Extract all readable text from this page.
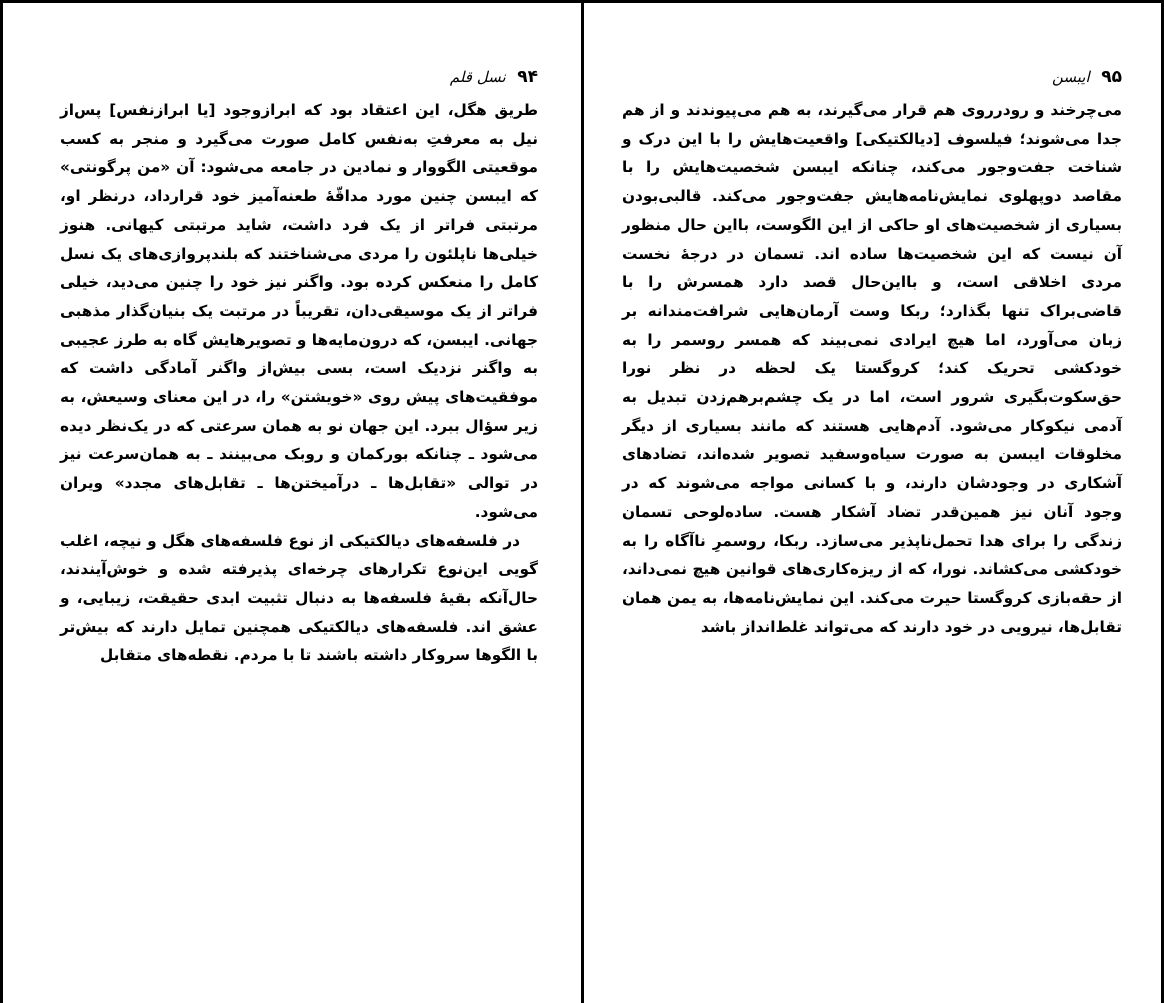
۹۴ نسل قلم

طریق هگل، این اعتقاد بود که ابرازوجود [یا ابرازنفس] پس‌از نیل به معرفتِ به‌نفس کامل صورت می‌گیرد و منجر به کسب موقعیتی الگووار و نمادین در جامعه می‌شود: آن «من پرگونتی» که ایبسن چنین مورد مداقّهٔ طعنه‌آمیز خود قرارداد، درنظر او، مرتبتی فراتر از یک فرد داشت، شاید مرتبتی کیهانی. هنوز خیلی‌ها ناپلئون را مردی می‌شناختند که بلندپروازی‌های یک نسل کامل را منعکس کرده بود. واگنر نیز خود را چنین می‌دید، خیلی فراتر از یک موسیقی‌دان، تقریباً در مرتبت یک بنیان‌گذار مذهبی جهانی. ایبسن، که درون‌مایه‌ها و تصویرهایش گاه به طرز عجیبی به واگنر نزدیک است، بسی بیش‌از واگنر آمادگی داشت که موفقیت‌های پیش روی «خویشتن» را، در این معنای وسیعش، به زیر سؤال ببرد. این جهان نو به همان سرعتی که در یک‌نظر دیده می‌شود ـ چنانکه بورکمان و روبک می‌بینند ـ به همان‌سرعت نیز در توالی «تقابل‌ها ـ درآمیختن‌ها ـ تقابل‌های مجدد» ویران می‌شود.

در فلسفه‌های دیالکتیکی از نوع فلسفه‌های هگل و نیچه، اغلب گویی این‌نوع تکرارهای چرخه‌ای پذیرفته شده و خوش‌آیندند، حال‌آنکه بقیهٔ فلسفه‌ها به دنبال تثبیت ابدی حقیقت، زیبایی، و عشق اند. فلسفه‌های دیالکتیکی همچنین تمایل دارند که بیش‌تر با الگوها سروکار داشته باشند تا با مردم. نقطه‌های متقابل

۹۵ ایبسن

می‌چرخند و رودرروی هم قرار می‌گیرند، به هم می‌پیوندند و از هم جدا می‌شوند؛ فیلسوف [دیالکتیکی] واقعیت‌هایش را با این درک و شناخت جفت‌وجور می‌کند، چنانکه ایبسن شخصیت‌هایش را با مقاصد دوپهلوی نمایش‌نامه‌هایش جفت‌وجور می‌کند. قالبی‌بودن بسیاری از شخصیت‌های او حاکی از این الگوست، بااین حال منظور آن نیست که این شخصیت‌ها ساده اند. تسمان در درجهٔ نخست مردی اخلاقی است، و بااین‌حال قصد دارد همسرش را با قاضی‌براک تنها بگذارد؛ ربکا وست آرمان‌هایی شرافت‌مندانه بر زبان می‌آورد، اما هیچ ایرادی نمی‌بیند که همسر روسمر را به خودکشی تحریک کند؛ کروگستا یک لحظه در نظر نورا حق‌سکوت‌بگیری شرور است، اما در یک چشم‌برهم‌زدن تبدیل به آدمی نیکوکار می‌شود. آدم‌هایی هستند که مانند بسیاری از دیگر مخلوقات ایبسن به صورت سیاه‌وسفید تصویر شده‌اند، تضادهای آشکاری در وجودشان دارند، و با کسانی مواجه می‌شوند که در وجود آنان نیز همین‌قدر تضاد آشکار هست. ساده‌لوحی تسمان زندگی را برای هدا تحمل‌ناپذیر می‌سازد. ربکا، روسمرِ ناآگاه را به خودکشی می‌کشاند. نورا، که از ریزه‌کاری‌های قوانین هیچ نمی‌داند، از حقه‌بازی کروگستا حیرت می‌کند. این نمایش‌نامه‌ها، به یمن همان تقابل‌ها، نیرویی در خود دارند که می‌تواند غلط‌انداز باشد
